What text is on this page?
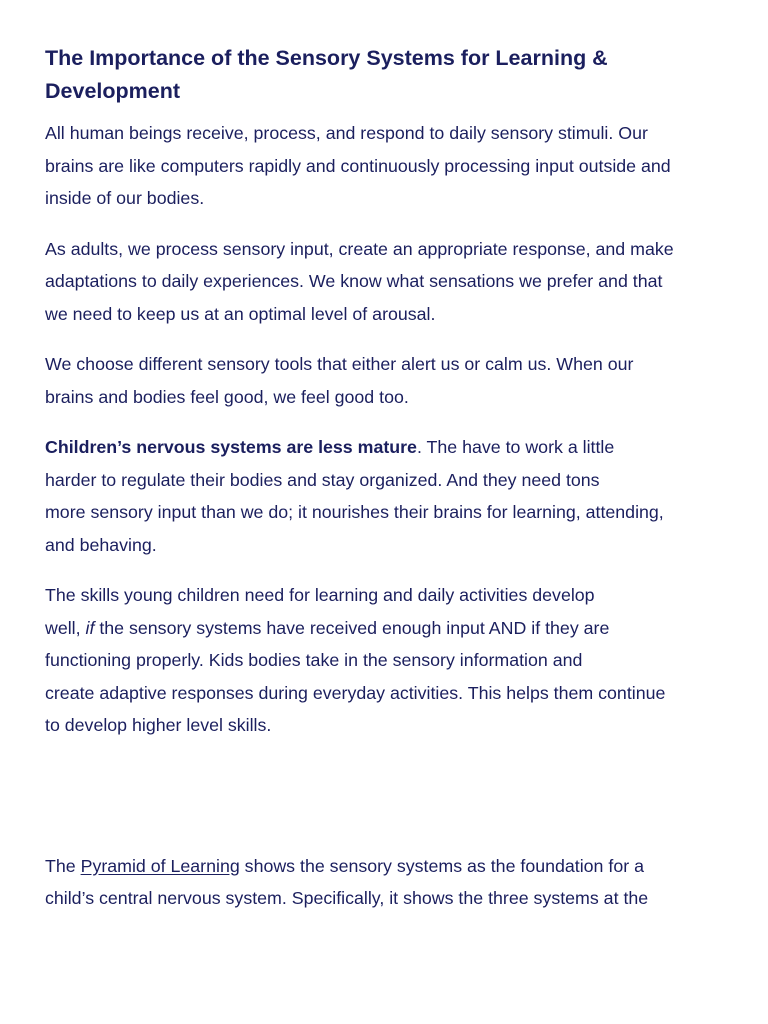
The Importance of the Sensory Systems for Learning & Development

All human beings receive, process, and respond to daily sensory stimuli. Our
brains are like computers rapidly and continuously processing input outside and
inside of our bodies.

As adults, we process sensory input, create an appropriate response, and make
adaptations to daily experiences. We know what sensations we prefer and that
we need to keep us at an optimal level of arousal.

We choose different sensory tools that either alert us or calm us. When our
brains and bodies feel good, we feel good too.

Children’s nervous systems are less mature. The have to work a little
harder to regulate their bodies and stay organized. And they need tons
more sensory input than we do; it nourishes their brains for learning, attending,
and behaving.

The skills young children need for learning and daily activities develop
well, if the sensory systems have received enough input AND if they are
functioning properly. Kids bodies take in the sensory information and
create adaptive responses during everyday activities. This helps them continue
to develop higher level skills.

The Pyramid of Learning shows the sensory systems as the foundation for a
child’s central nervous system. Specifically, it shows the three systems at the
